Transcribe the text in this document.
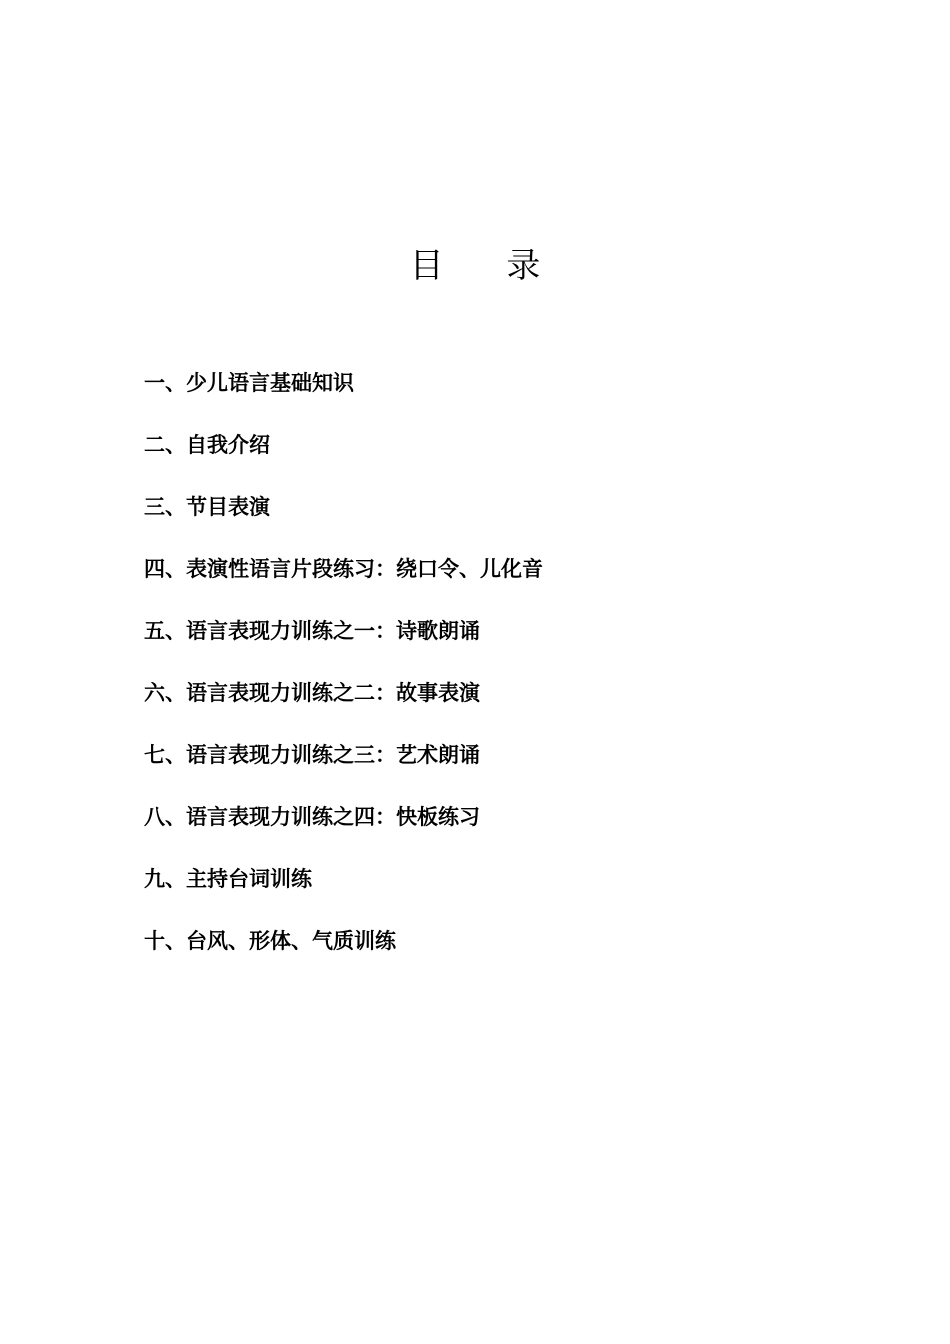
目 录
一、少儿语言基础知识
二、自我介绍
三、节目表演
四、表演性语言片段练习：绕口令、儿化音
五、语言表现力训练之一：诗歌朗诵
六、语言表现力训练之二：故事表演
七、语言表现力训练之三：艺术朗诵
八、语言表现力训练之四：快板练习
九、主持台词训练
十、台风、形体、气质训练
